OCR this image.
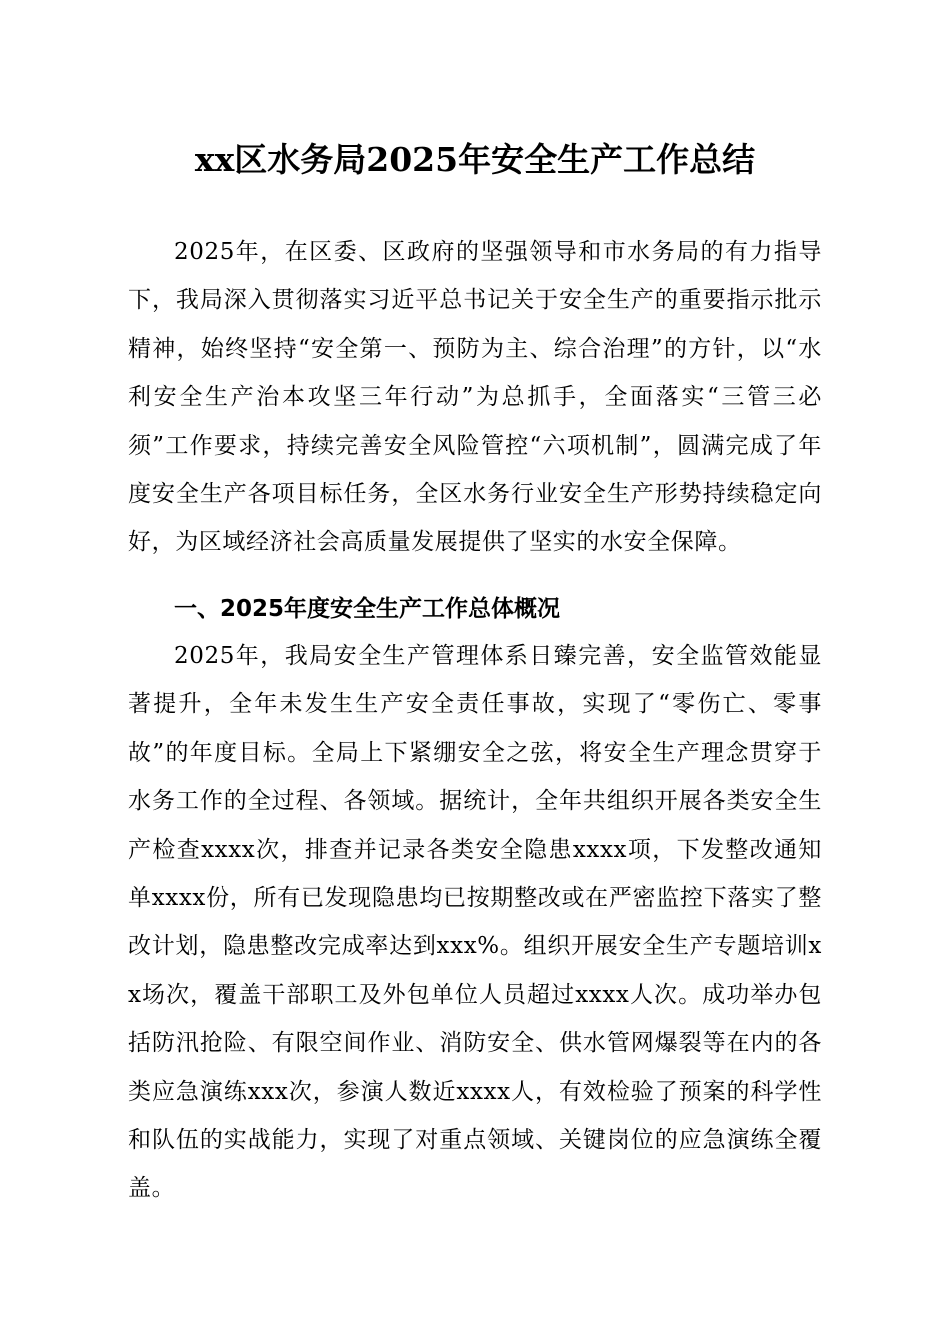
xx区水务局2025年安全生产工作总结

2025年，在区委、区政府的坚强领导和市水务局的有力指导下，我局深入贯彻落实习近平总书记关于安全生产的重要指示批示精神，始终坚持“安全第一、预防为主、综合治理”的方针，以“水利安全生产治本攻坚三年行动”为总抓手，全面落实“三管三必须”工作要求，持续完善安全风险管控“六项机制”，圆满完成了年度安全生产各项目标任务，全区水务行业安全生产形势持续稳定向好，为区域经济社会高质量发展提供了坚实的水安全保障。

一、2025年度安全生产工作总体概况

2025年，我局安全生产管理体系日臻完善，安全监管效能显著提升，全年未发生生产安全责任事故，实现了“零伤亡、零事故”的年度目标。全局上下紧绷安全之弦，将安全生产理念贯穿于水务工作的全过程、各领域。据统计，全年共组织开展各类安全生产检查xxxx次，排查并记录各类安全隐患xxxx项，下发整改通知单xxxx份，所有已发现隐患均已按期整改或在严密监控下落实了整改计划，隐患整改完成率达到xxx%。组织开展安全生产专题培训xx场次，覆盖干部职工及外包单位人员超过xxxx人次。成功举办包括防汛抢险、有限空间作业、消防安全、供水管网爆裂等在内的各类应急演练xxx次，参演人数近xxxx人，有效检验了预案的科学性和队伍的实战能力，实现了对重点领域、关键岗位的应急演练全覆盖。
